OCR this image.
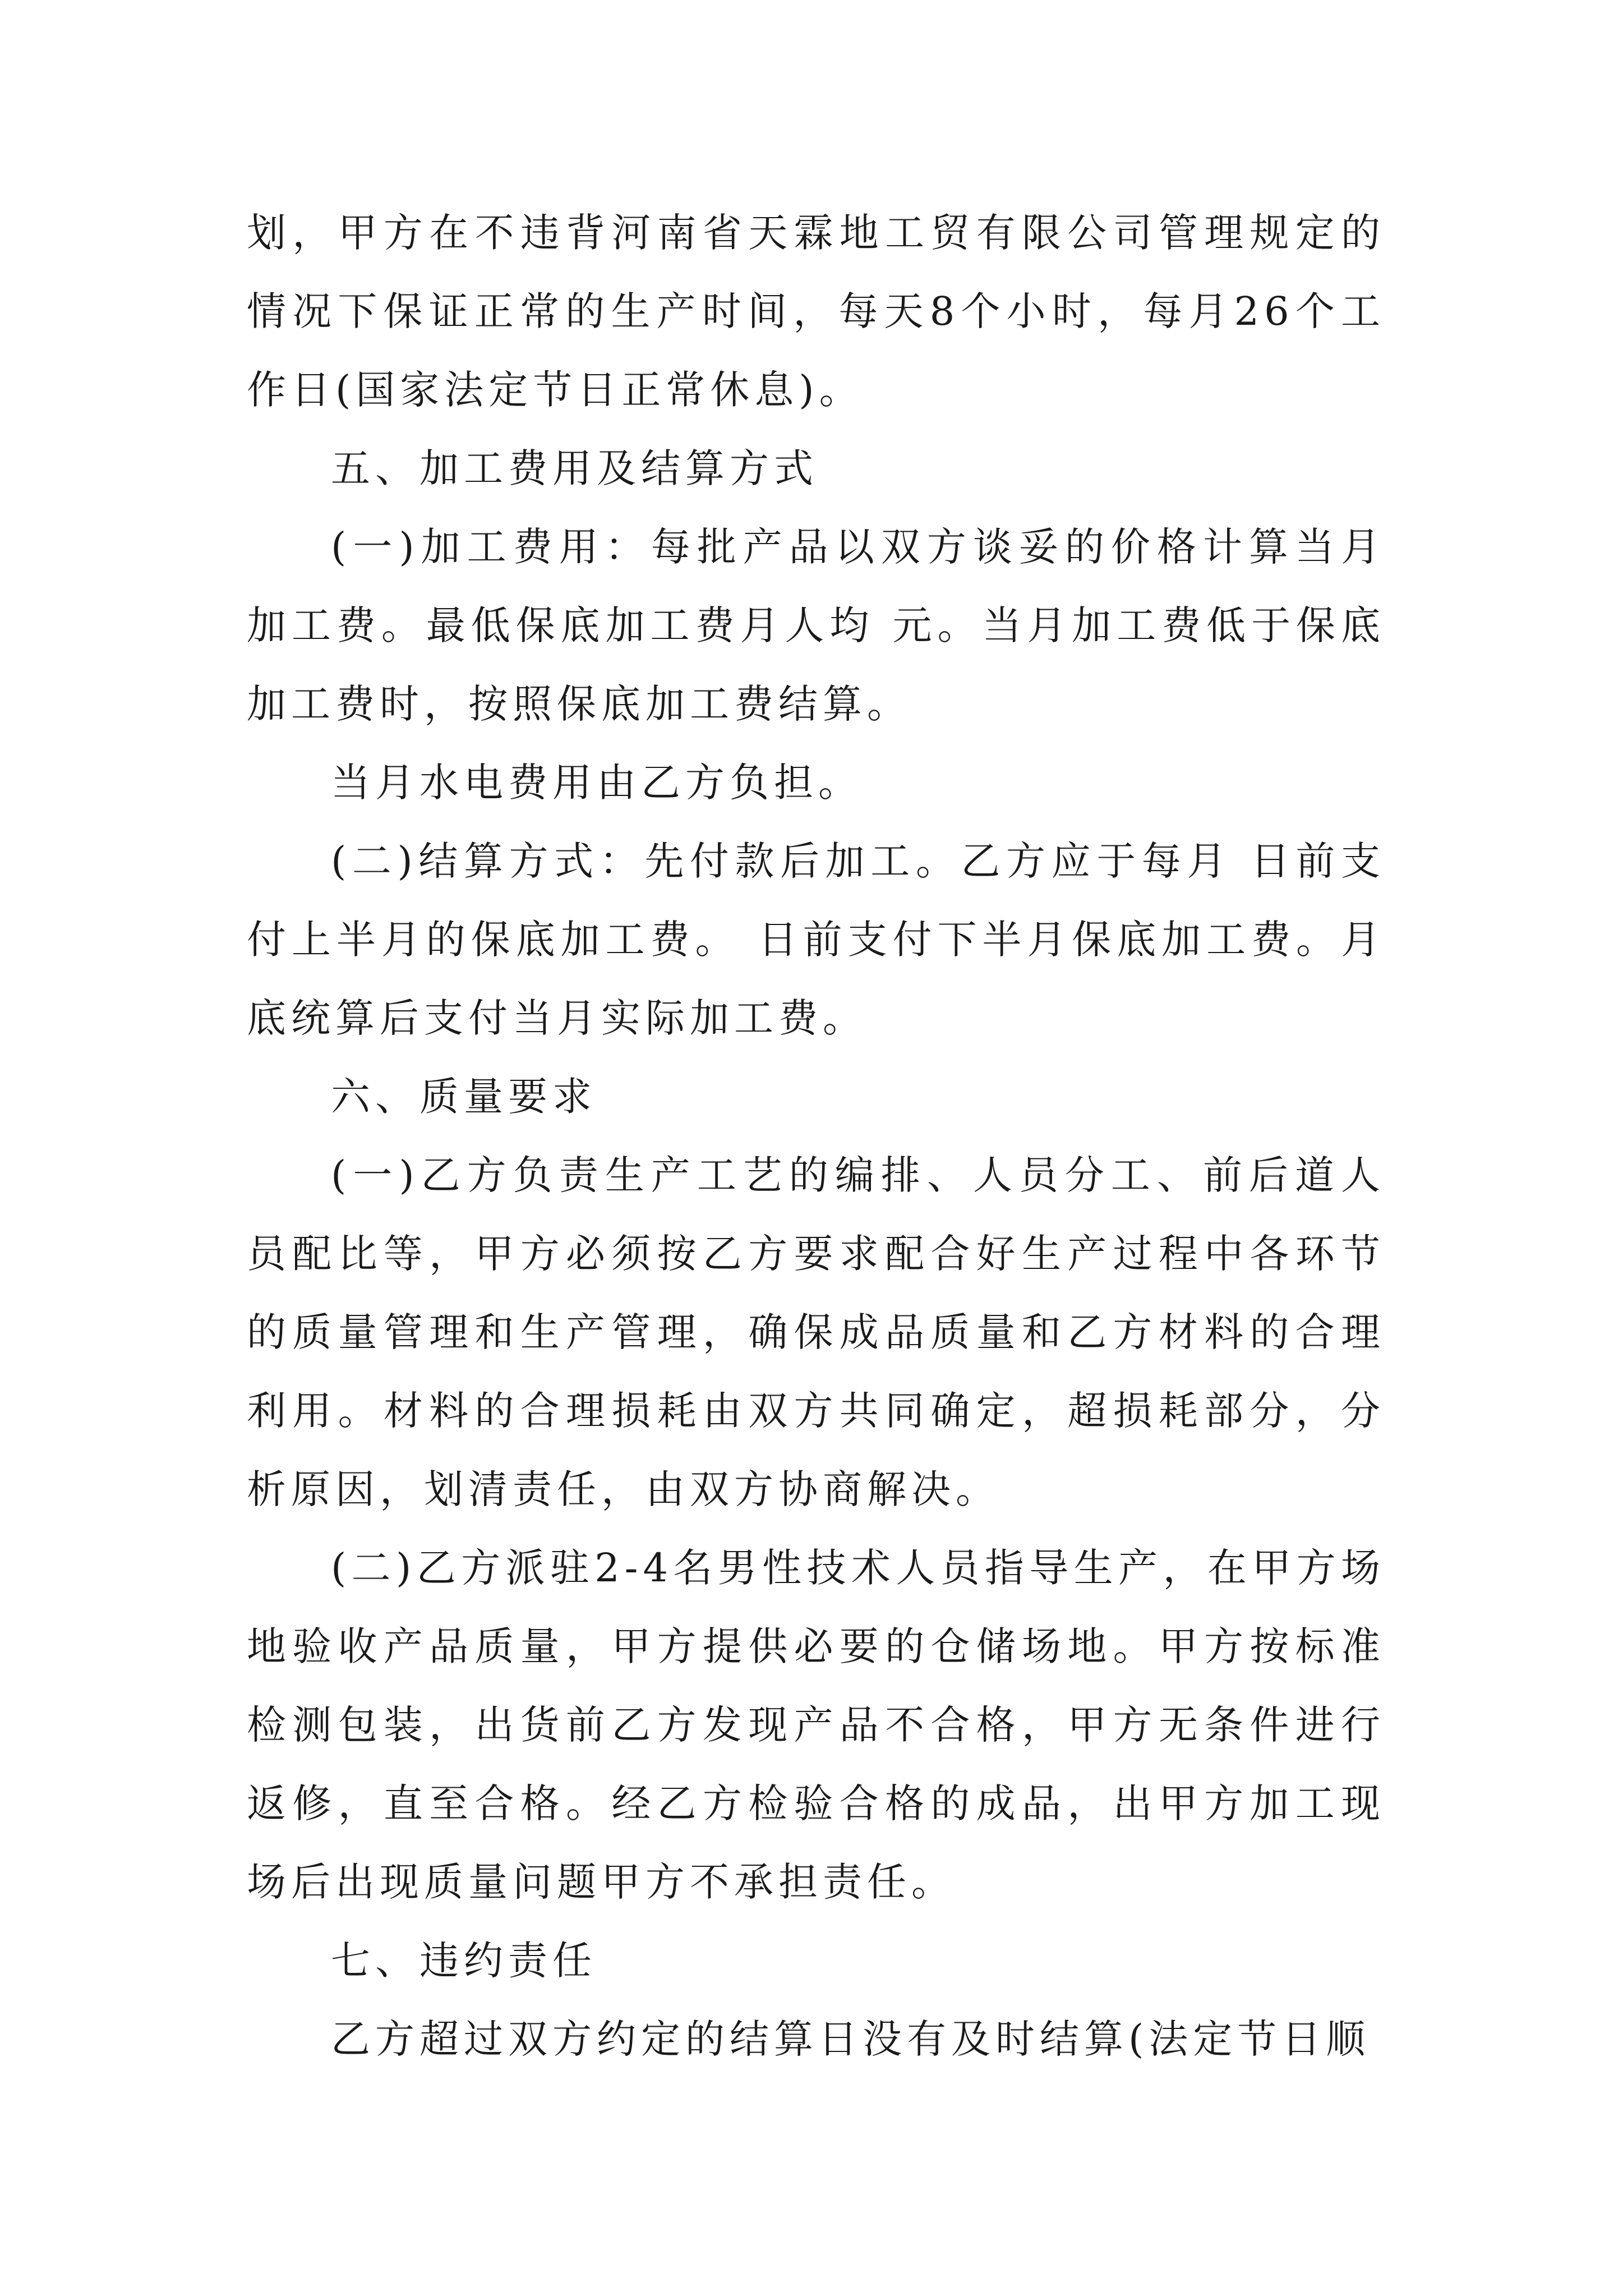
划，甲方在不违背河南省天霖地工贸有限公司管理规定的情况下保证正常的生产时间，每天8个小时，每月26个工作日(国家法定节日正常休息)。

五、加工费用及结算方式

(一)加工费用：每批产品以双方谈妥的价格计算当月加工费。最低保底加工费月人均 元。当月加工费低于保底加工费时，按照保底加工费结算。

当月水电费用由乙方负担。

(二)结算方式：先付款后加工。乙方应于每月 日前支付上半月的保底加工费。 日前支付下半月保底加工费。月底统算后支付当月实际加工费。

六、质量要求

(一)乙方负责生产工艺的编排、人员分工、前后道人员配比等，甲方必须按乙方要求配合好生产过程中各环节的质量管理和生产管理，确保成品质量和乙方材料的合理利用。材料的合理损耗由双方共同确定，超损耗部分，分析原因，划清责任，由双方协商解决。

(二)乙方派驻2-4名男性技术人员指导生产，在甲方场地验收产品质量，甲方提供必要的仓储场地。甲方按标准检测包装，出货前乙方发现产品不合格，甲方无条件进行返修，直至合格。经乙方检验合格的成品，出甲方加工现场后出现质量问题甲方不承担责任。

七、违约责任

乙方超过双方约定的结算日没有及时结算(法定节日顺
